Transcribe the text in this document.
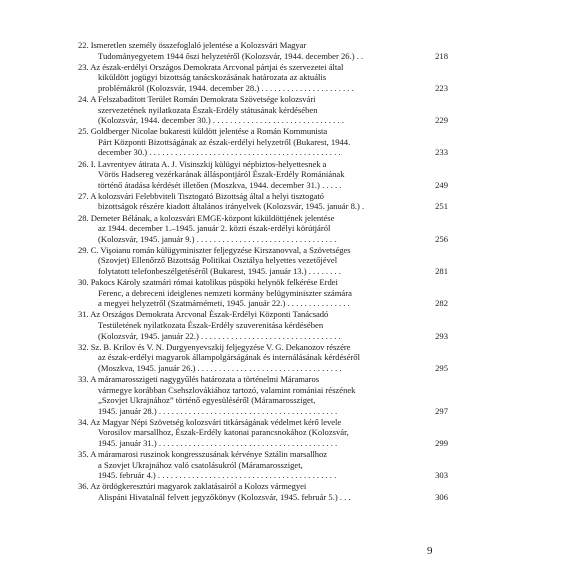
22. Ismeretlen személy összefoglaló jelentése a Kolozsvári Magyar
Tudományegyetem 1944 őszi helyzetéről (Kolozsvár, 1944. december 26.) . .	218
23. Az észak-erdélyi Országos Demokrata Arcvonal pártjai és szervezetei által
kiküldött jogügyi bizottság tanácskozásának határozata az aktuális
problémákról (Kolozsvár, 1944. december 28.) . . . . . . . . . . . . . . . . . . . . . .	223
24. A Felszabadított Terület Román Demokrata Szövetsége kolozsvári
szervezetének nyilatkozata Észak-Erdély státusának kérdésében
(Kolozsvár, 1944. december 30.) . . . . . . . . . . . . . . . . . . . . . . . . . . . . . . .	229
25. Goldberger Nicolae bukaresti küldött jelentése a Román Kommunista
Párt Központi Bizottságának az észak-erdélyi helyzetről (Bukarest, 1944.
december 30.) . . . . . . . . . . . . . . . . . . . . . . . . . . . . . . . . . . . . . . . . . . . . .	233
26. I. Lavrentyev átirata A. J. Visinszkij külügyi népbiztos-helyettesnek a
Vörös Hadsereg vezérkarának álláspontjáról Észak-Erdély Romániának
történő átadása kérdését illetően (Moszkva, 1944. december 31.) . . . . .	249
27. A kolozsvári Felebbviteli Tisztogató Bizottság által a helyi tisztogató
bizottságok részére kiadott általános irányelvek (Kolozsvár, 1945. január 8.) .	251
28. Demeter Bélának, a kolozsvári EMGE-központ kiküldöttjének jelentése
az 1944. december 1.–1945. január 2. közti észak-erdélyi körútjáról
(Kolozsvár, 1945. január 9.) . . . . . . . . . . . . . . . . . . . . . . . . . . . . . . . . .	256
29. C. Vişoianu román külügyminiszter feljegyzése Kirszanovval, a Szövetséges
(Szovjet) Ellenőrző Bizottság Politikai Osztálya helyettes vezetőjével
folytatott telefonbeszélgetéséről (Bukarest, 1945. január 13.) . . . . . . . .	281
30. Pakocs Károly szatmári római katolikus püspöki helynök felkérése Erdei
Ferenc, a debreceni ideiglenes nemzeti kormány belügyminiszter számára
a megyei helyzetről (Szatmárnémeti, 1945. január 22.) . . . . . . . . . . . . . . .	282
31. Az Országos Demokrata Arcvonal Észak-Erdélyi Központi Tanácsadó
Testületének nyilatkozata Észak-Erdély szuverenitása kérdésében
(Kolozsvár, 1945. január 22.) . . . . . . . . . . . . . . . . . . . . . . . . . . . . . . . . .	293
32. Sz. B. Krilov és V. N. Durgyenyevszkij feljegyzése V. G. Dekanozov részére
az észak-erdélyi magyarok állampolgárságának és internálásának kérdéséről
(Moszkva, 1945. január 26.) . . . . . . . . . . . . . . . . . . . . . . . . . . . . . . . . . .	295
33. A máramarosszigeti nagygyűlés határozata a történelmi Máramaros
vármegye korábban Csehszlovákiához tartozó, valamint romániai részének
„Szovjet Ukrajnához” történő egyesüléséről (Máramarossziget,
1945. január 28.) . . . . . . . . . . . . . . . . . . . . . . . . . . . . . . . . . . . . . . . . . .	297
34. Az Magyar Népi Szövetség kolozsvári titkárságának védelmet kérő levele
Vorosilov marsallhoz, Észak-Erdély katonai parancsnokához (Kolozsvár,
1945. január 31.) . . . . . . . . . . . . . . . . . . . . . . . . . . . . . . . . . . . . . . . . . .	299
35. A máramarosi ruszinok kongresszusának kérvénye Sztálin marsallhoz
a Szovjet Ukrajnához való csatolásukról (Máramarossziget,
1945. február 4.) . . . . . . . . . . . . . . . . . . . . . . . . . . . . . . . . . . . . . . . . . .	303
36. Az ördögkeresztúri magyarok zaklatásairól a Kolozs vármegyei
Alispáni Hivatalnál felvett jegyzőkönyv (Kolozsvár, 1945. február 5.) . . .	306
9
